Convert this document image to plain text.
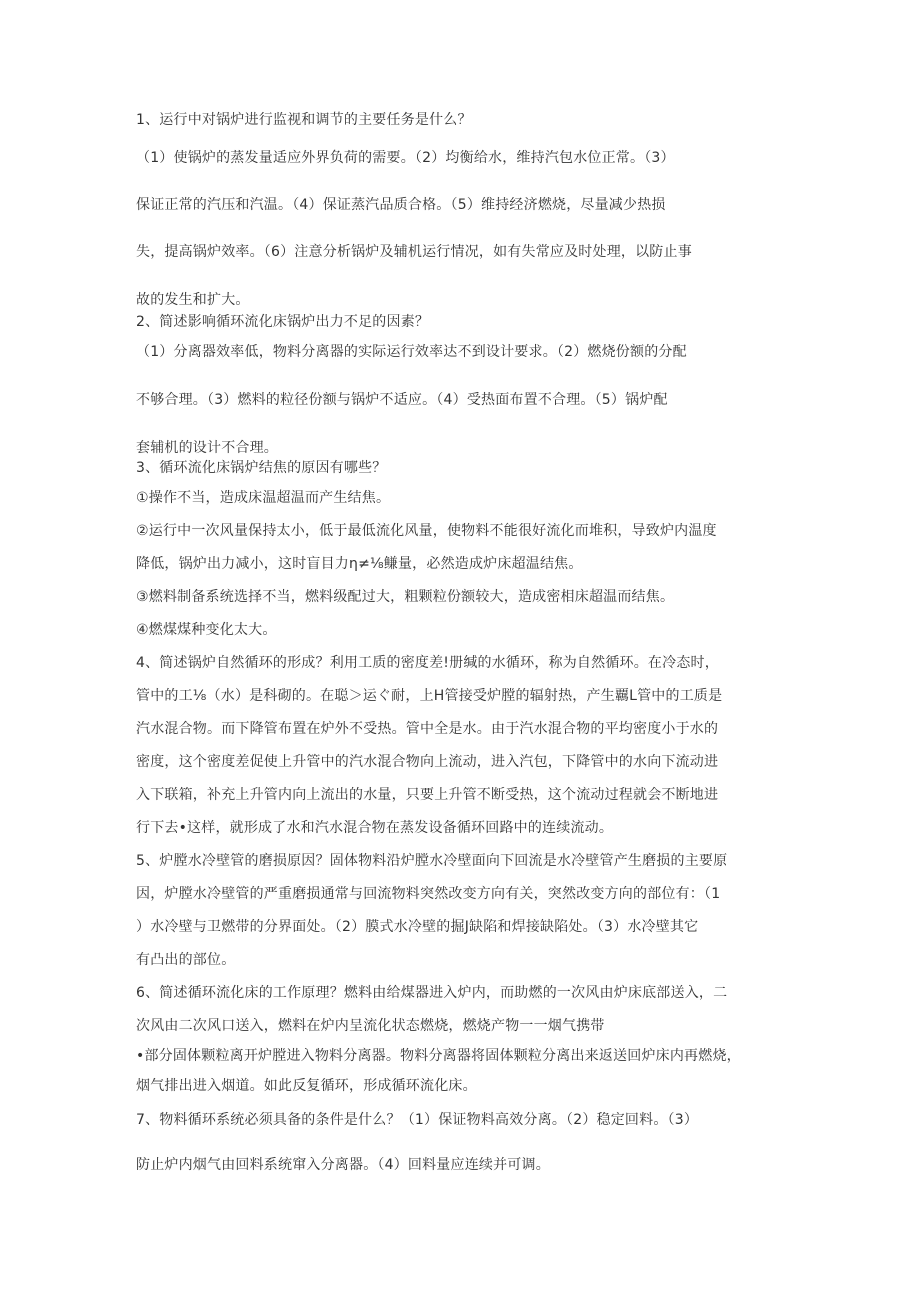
1、运行中对锅炉进行监视和调节的主要任务是什么？
（1）使锅炉的蒸发量适应外界负荷的需要。（2）均衡给水，维持汽包水位正常。（3）
保证正常的汽压和汽温。（4）保证蒸汽品质合格。（5）维持经济燃烧，尽量减少热损
失，提高锅炉效率。（6）注意分析锅炉及辅机运行情况，如有失常应及时处理，以防止事
故的发生和扩大。
2、简述影响循环流化床锅炉出力不足的因素？
（1）分离器效率低，物料分离器的实际运行效率达不到设计要求。（2）燃烧份额的分配
不够合理。（3）燃料的粒径份额与锅炉不适应。（4）受热面布置不合理。（5）锅炉配
套辅机的设计不合理。
3、循环流化床锅炉结焦的原因有哪些？
①操作不当，造成床温超温而产生结焦。
②运行中一次风量保持太小，低于最低流化风量，使物料不能很好流化而堆积，导致炉内温度
降低，锅炉出力减小，这时盲目力η≠⅛鳒量，必然造成炉床超温结焦。
③燃料制备系统选择不当，燃料级配过大，粗颗粒份额较大，造成密相床超温而结焦。
④燃煤煤种变化太大。
4、简述锅炉自然循环的形成？利用工质的密度差!册缄的水循环，称为自然循环。在冷态时，
管中的工⅛（水）是科砌的。在聪＞运ぐ耐，上H管接受炉膛的辐射热，产生覊L管中的工质是
汽水混合物。而下降管布置在炉外不受热。管中全是水。由于汽水混合物的平均密度小于水的
密度，这个密度差促使上升管中的汽水混合物向上流动，进入汽包，下降管中的水向下流动进
入下联箱，补充上升管内向上流出的水量，只要上升管不断受热，这个流动过程就会不断地进
行下去•这样，就形成了水和汽水混合物在蒸发设备循环回路中的连续流动。
5、炉膛水冷壁管的磨损原因？固体物料沿炉膛水冷壁面向下回流是水冷壁管产生磨损的主要原
因，炉膛水冷壁管的严重磨损通常与回流物料突然改变方向有关，突然改变方向的部位有：（1
）水冷壁与卫燃带的分界面处。（2）膜式水冷壁的掘J缺陷和焊接缺陷处。（3）水冷壁其它
有凸出的部位。
6、简述循环流化床的工作原理？燃料由给煤器进入炉内，而助燃的一次风由炉床底部送入，二
次风由二次风口送入，燃料在炉内呈流化状态燃烧，燃烧产物一一烟气携带
•部分固体颗粒离开炉膛进入物料分离器。物料分离器将固体颗粒分离出来返送回炉床内再燃烧，
烟气排出进入烟道。如此反复循环，形成循环流化床。
7、物料循环系统必须具备的条件是什么？（1）保证物料高效分离。（2）稳定回料。（3）
防止炉内烟气由回料系统窜入分离器。（4）回料量应连续并可调。
